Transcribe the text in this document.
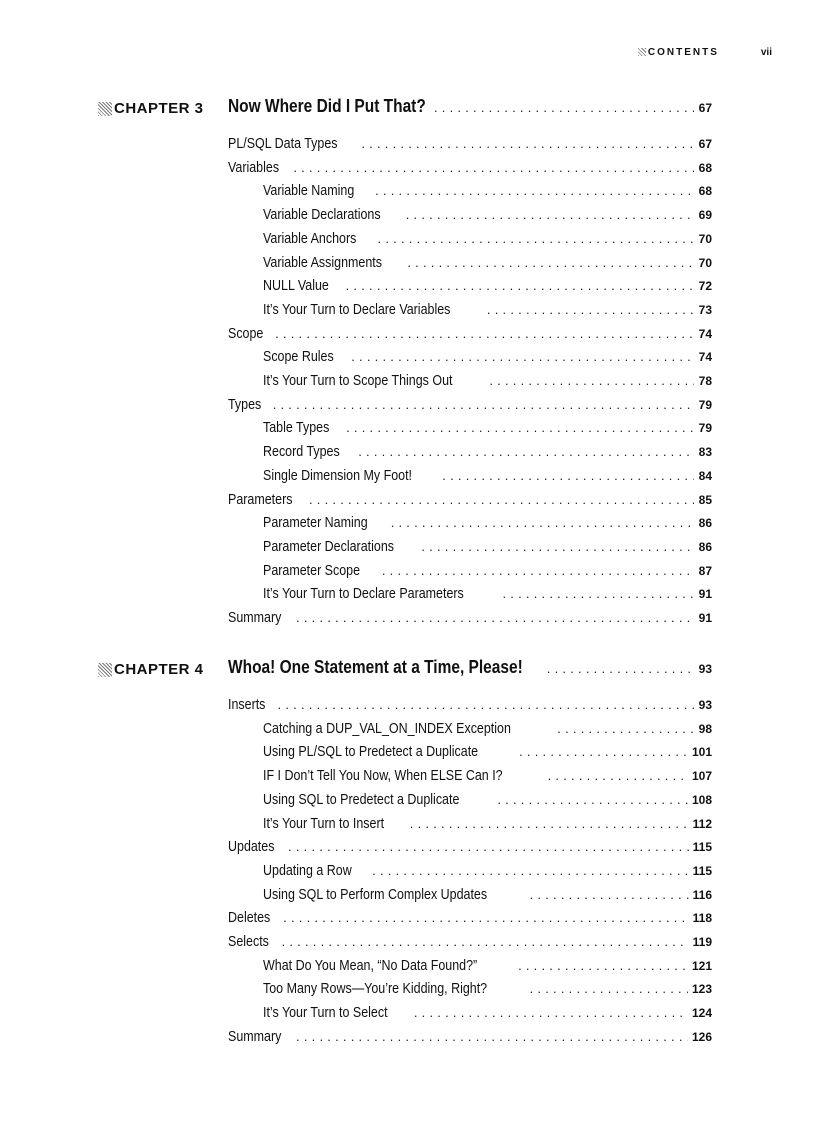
CONTENTS	vii
CHAPTER 3 Now Where Did I Put That? .....	67
PL/SQL Data Types .....	67
Variables .....	68
Variable Naming .....	68
Variable Declarations .....	69
Variable Anchors .....	70
Variable Assignments .....	70
NULL Value .....	72
It’s Your Turn to Declare Variables .....	73
Scope .....	74
Scope Rules .....	74
It’s Your Turn to Scope Things Out .....	78
Types .....	79
Table Types .....	79
Record Types .....	83
Single Dimension My Foot! .....	84
Parameters .....	85
Parameter Naming .....	86
Parameter Declarations .....	86
Parameter Scope .....	87
It’s Your Turn to Declare Parameters .....	91
Summary .....	91
CHAPTER 4 Whoa! One Statement at a Time, Please! .....	93
Inserts .....	93
Catching a DUP_VAL_ON_INDEX Exception .....	98
Using PL/SQL to Predetect a Duplicate .....	101
IF I Don’t Tell You Now, When ELSE Can I? .....	107
Using SQL to Predetect a Duplicate .....	108
It’s Your Turn to Insert .....	112
Updates .....	115
Updating a Row .....	115
Using SQL to Perform Complex Updates .....	116
Deletes .....	118
Selects .....	119
What Do You Mean, “No Data Found?” .....	121
Too Many Rows—You’re Kidding, Right? .....	123
It’s Your Turn to Select .....	124
Summary .....	126
